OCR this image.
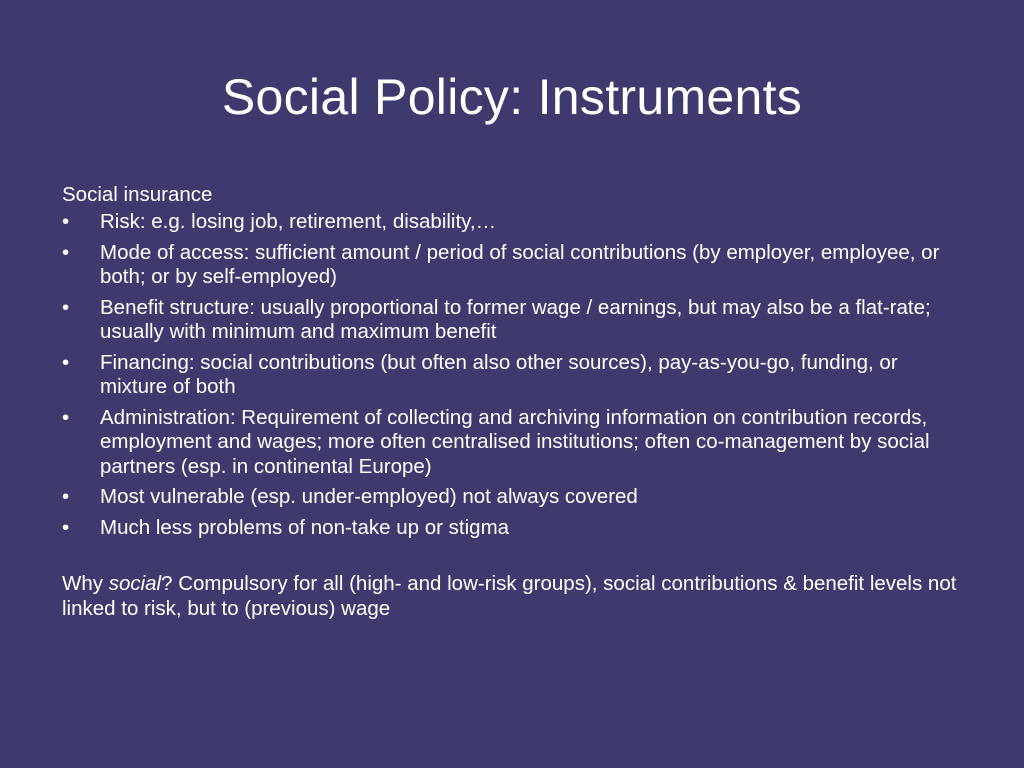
Social Policy: Instruments

Social insurance

•	Risk: e.g. losing job, retirement, disability,…
•	Mode of access: sufficient amount / period of social contributions (by employer, employee, or both; or by self-employed)
•	Benefit structure: usually proportional to former wage / earnings, but may also be a flat-rate; usually with minimum and maximum benefit
•	Financing: social contributions (but often also other sources), pay-as-you-go, funding, or mixture of both
•	Administration: Requirement of collecting and archiving information on contribution records, employment and wages; more often centralised institutions; often co-management by social partners (esp. in continental Europe)
•	Most vulnerable (esp. under-employed) not always covered
•	Much less problems of non-take up or stigma

Why social? Compulsory for all (high- and low-risk groups), social contributions & benefit levels not linked to risk, but to (previous) wage
